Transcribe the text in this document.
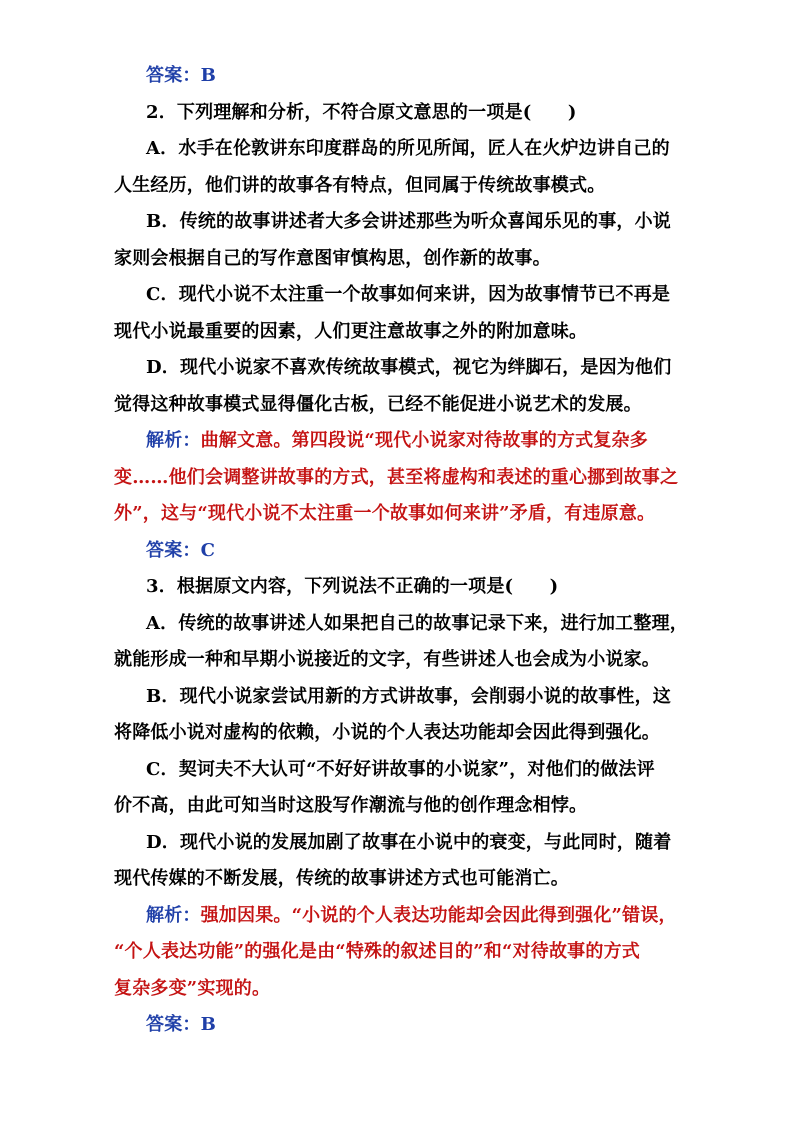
答案：B
2．下列理解和分析，不符合原文意思的一项是(　　)
A．水手在伦敦讲东印度群岛的所见所闻，匠人在火炉边讲自己的
人生经历，他们讲的故事各有特点，但同属于传统故事模式。
B．传统的故事讲述者大多会讲述那些为听众喜闻乐见的事，小说
家则会根据自己的写作意图审慎构思，创作新的故事。
C．现代小说不太注重一个故事如何来讲，因为故事情节已不再是
现代小说最重要的因素，人们更注意故事之外的附加意味。
D．现代小说家不喜欢传统故事模式，视它为绊脚石，是因为他们
觉得这种故事模式显得僵化古板，已经不能促进小说艺术的发展。
解析：曲解文意。第四段说“现代小说家对待故事的方式复杂多
变……他们会调整讲故事的方式，甚至将虚构和表述的重心挪到故事之
外”，这与“现代小说不太注重一个故事如何来讲”矛盾，有违原意。
答案：C
3．根据原文内容，下列说法不正确的一项是(　　)
A．传统的故事讲述人如果把自己的故事记录下来，进行加工整理，
就能形成一种和早期小说接近的文字，有些讲述人也会成为小说家。
B．现代小说家尝试用新的方式讲故事，会削弱小说的故事性，这
将降低小说对虚构的依赖，小说的个人表达功能却会因此得到强化。
C．契诃夫不大认可“不好好讲故事的小说家”，对他们的做法评
价不高，由此可知当时这股写作潮流与他的创作理念相悖。
D．现代小说的发展加剧了故事在小说中的衰变，与此同时，随着
现代传媒的不断发展，传统的故事讲述方式也可能消亡。
解析：强加因果。“小说的个人表达功能却会因此得到强化”错误，
“个人表达功能”的强化是由“特殊的叙述目的”和“对待故事的方式
复杂多变”实现的。
答案：B
